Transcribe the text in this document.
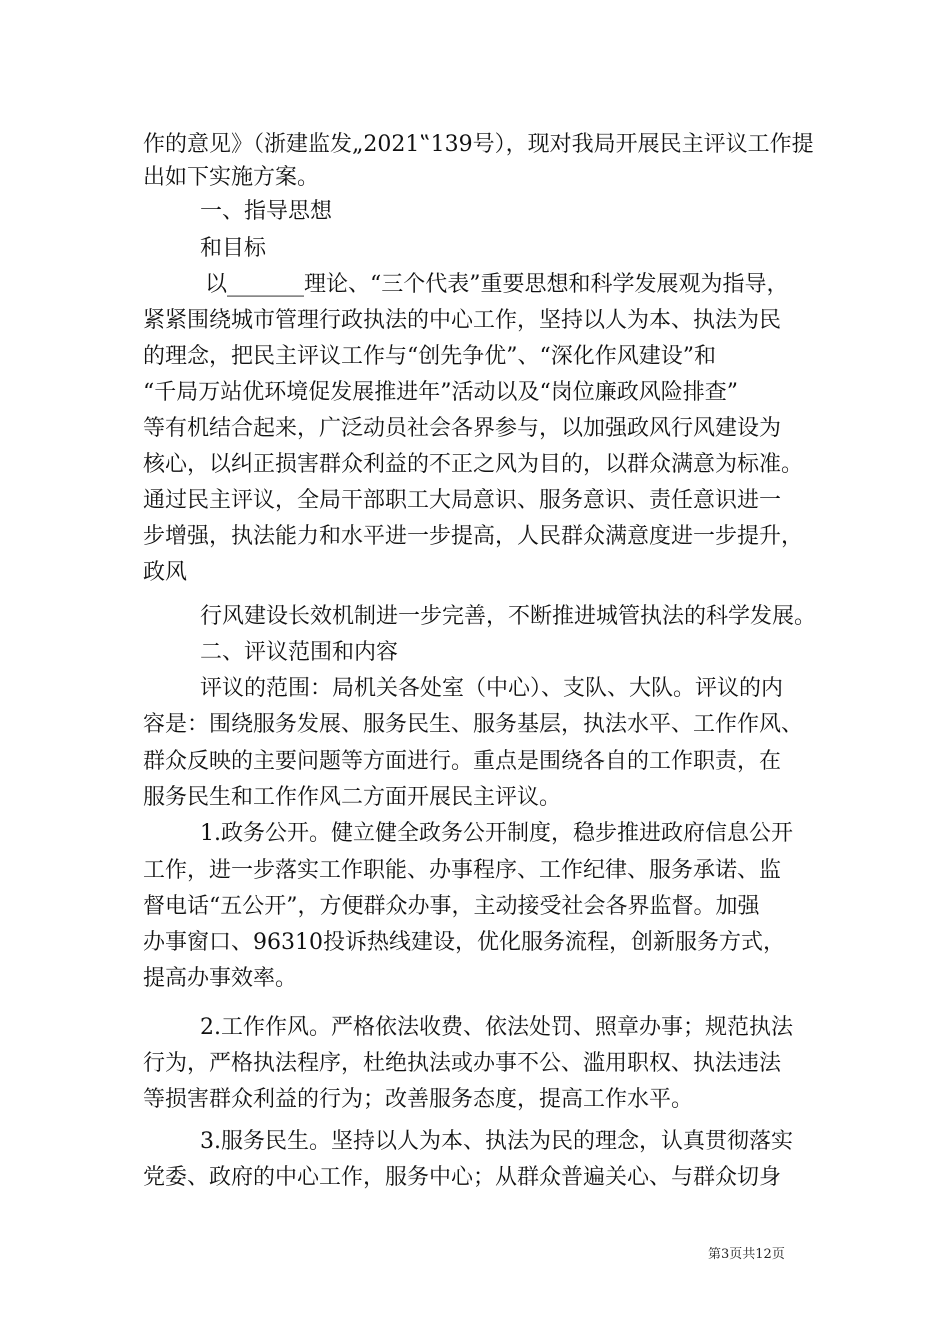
作的意见》（浙建监发„2021‟139号），现对我局开展民主评议工作提出如下实施方案。
一、指导思想
和目标
以_______理论、“三个代表”重要思想和科学发展观为指导，
紧紧围绕城市管理行政执法的中心工作，坚持以人为本、执法为民
的理念，把民主评议工作与“创先争优”、“深化作风建设”和
“千局万站优环境促发展推进年”活动以及“岗位廉政风险排查”
等有机结合起来，广泛动员社会各界参与，以加强政风行风建设为
核心，以纠正损害群众利益的不正之风为目的，以群众满意为标准。
通过民主评议，全局干部职工大局意识、服务意识、责任意识进一
步增强，执法能力和水平进一步提高，人民群众满意度进一步提升，
政风
行风建设长效机制进一步完善，不断推进城管执法的科学发展。
二、评议范围和内容
评议的范围：局机关各处室（中心）、支队、大队。评议的内
容是：围绕服务发展、服务民生、服务基层，执法水平、工作作风、
群众反映的主要问题等方面进行。重点是围绕各自的工作职责，在
服务民生和工作作风二方面开展民主评议。
1.政务公开。健立健全政务公开制度，稳步推进政府信息公开
工作，进一步落实工作职能、办事程序、工作纪律、服务承诺、监
督电话“五公开”，方便群众办事，主动接受社会各界监督。加强
办事窗口、96310投诉热线建设，优化服务流程，创新服务方式，
提高办事效率。
2.工作作风。严格依法收费、依法处罚、照章办事；规范执法
行为，严格执法程序，杜绝执法或办事不公、滥用职权、执法违法
等损害群众利益的行为；改善服务态度，提高工作水平。
3.服务民生。坚持以人为本、执法为民的理念，认真贯彻落实
党委、政府的中心工作，服务中心；从群众普遍关心、与群众切身
第3页共12页
